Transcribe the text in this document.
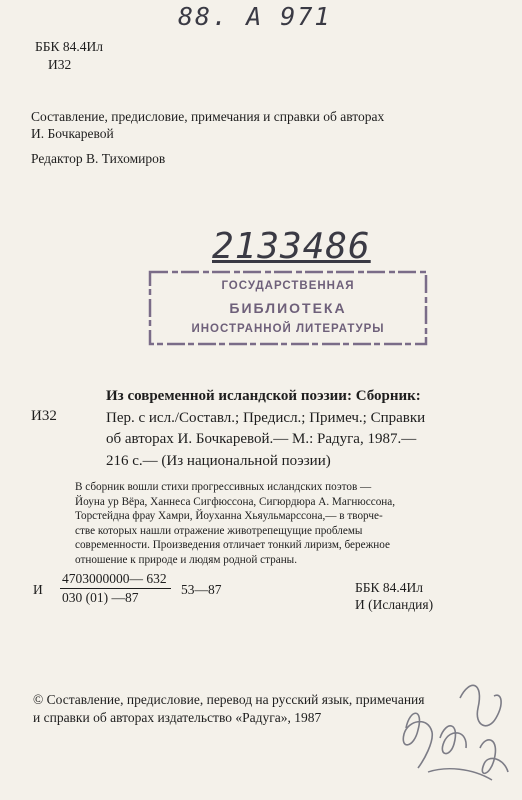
88. A 971
ББК 84.4Ил
И32
Составление, предисловие, примечания и справки об авторах
И. Бочкаревой
Редактор В. Тихомиров
2133486
ГОСУДАРСТВЕННАЯ
БИБЛИОТЕКА
ИНОСТРАННОЙ ЛИТЕРАТУРЫ
И32
Из современной исландской поэзии: Сборник:
Пер. с исл./Составл.; Предисл.; Примеч.; Справки
об авторах И. Бочкаревой.— М.: Радуга, 1987.—
216 с.— (Из национальной поэзии)
В сборник вошли стихи прогрессивных исландских поэтов —
Йоуна ур Вёра, Ханнеса Сигфюссона, Сигюрдюра А. Магнюссона,
Торстейдна фрау Хамри, Йоуханна Хьяульмарссона,— в творче-
стве которых нашли отражение животрепещущие проблемы
современности. Произведения отличает тонкий лиризм, бережное
отношение к природе и людям родной страны.
И $\frac{4703000000— 632}{030 (01) —87}$ 53—87	ББК 84.4Ил
И (Исландия)
© Составление, предисловие, перевод на русский язык, примечания
и справки об авторах издательство «Радуга», 1987
